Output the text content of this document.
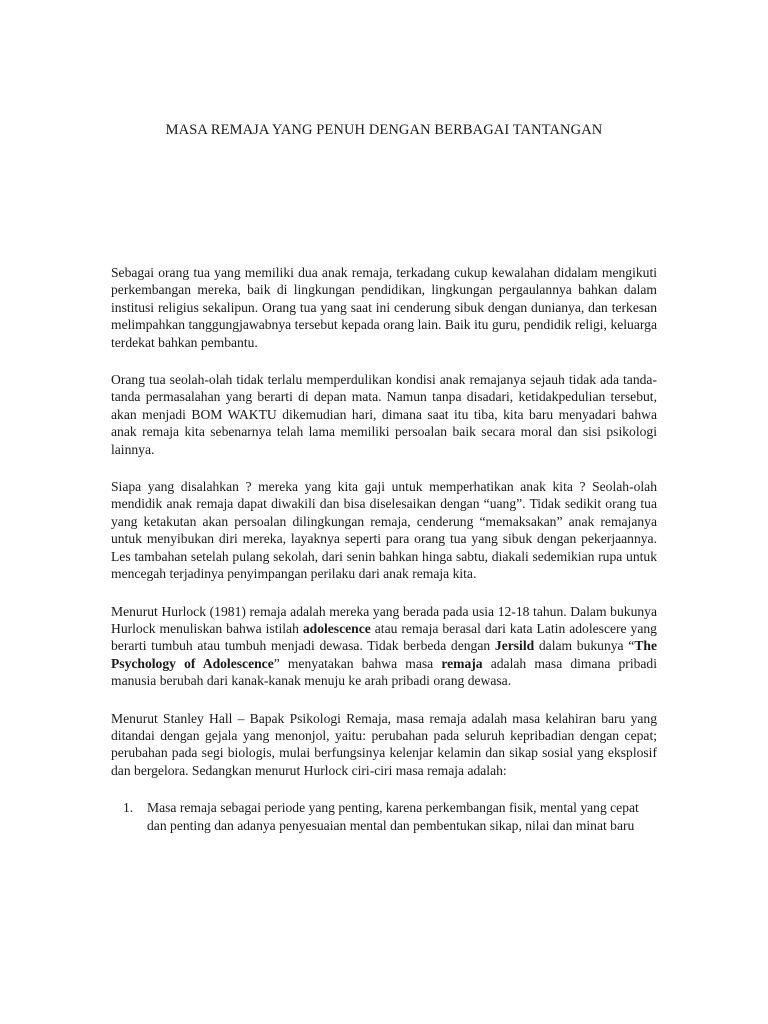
MASA REMAJA YANG PENUH DENGAN BERBAGAI TANTANGAN

Sebagai orang tua yang memiliki dua anak remaja, terkadang cukup kewalahan didalam mengikuti perkembangan mereka, baik di lingkungan pendidikan, lingkungan pergaulannya bahkan dalam institusi religius sekalipun. Orang tua yang saat ini cenderung sibuk dengan dunianya, dan terkesan melimpahkan tanggungjawabnya tersebut kepada orang lain. Baik itu guru, pendidik religi, keluarga terdekat bahkan pembantu.

Orang tua seolah-olah tidak terlalu memperdulikan kondisi anak remajanya sejauh tidak ada tanda-tanda permasalahan yang berarti di depan mata. Namun tanpa disadari, ketidakpedulian tersebut, akan menjadi BOM WAKTU dikemudian hari, dimana saat itu tiba, kita baru menyadari bahwa anak remaja kita sebenarnya telah lama memiliki persoalan baik secara moral dan sisi psikologi lainnya.

Siapa yang disalahkan ? mereka yang kita gaji untuk memperhatikan anak kita ? Seolah-olah mendidik anak remaja dapat diwakili dan bisa diselesaikan dengan “uang”. Tidak sedikit orang tua yang ketakutan akan persoalan dilingkungan remaja, cenderung “memaksakan” anak remajanya untuk menyibukan diri mereka, layaknya seperti para orang tua yang sibuk dengan pekerjaannya. Les tambahan setelah pulang sekolah, dari senin bahkan hinga sabtu, diakali sedemikian rupa untuk mencegah terjadinya penyimpangan perilaku dari anak remaja kita.

Menurut Hurlock (1981) remaja adalah mereka yang berada pada usia 12-18 tahun. Dalam bukunya Hurlock menuliskan bahwa istilah adolescence atau remaja berasal dari kata Latin adolescere yang berarti tumbuh atau tumbuh menjadi dewasa. Tidak berbeda dengan Jersild dalam bukunya “The Psychology of Adolescence” menyatakan bahwa masa remaja adalah masa dimana pribadi manusia berubah dari kanak-kanak menuju ke arah pribadi orang dewasa.

Menurut Stanley Hall – Bapak Psikologi Remaja, masa remaja adalah masa kelahiran baru yang ditandai dengan gejala yang menonjol, yaitu: perubahan pada seluruh kepribadian dengan cepat; perubahan pada segi biologis, mulai berfungsinya kelenjar kelamin dan sikap sosial yang eksplosif dan bergelora. Sedangkan menurut Hurlock ciri-ciri masa remaja adalah:

1. Masa remaja sebagai periode yang penting, karena perkembangan fisik, mental yang cepat dan penting dan adanya penyesuaian mental dan pembentukan sikap, nilai dan minat baru
